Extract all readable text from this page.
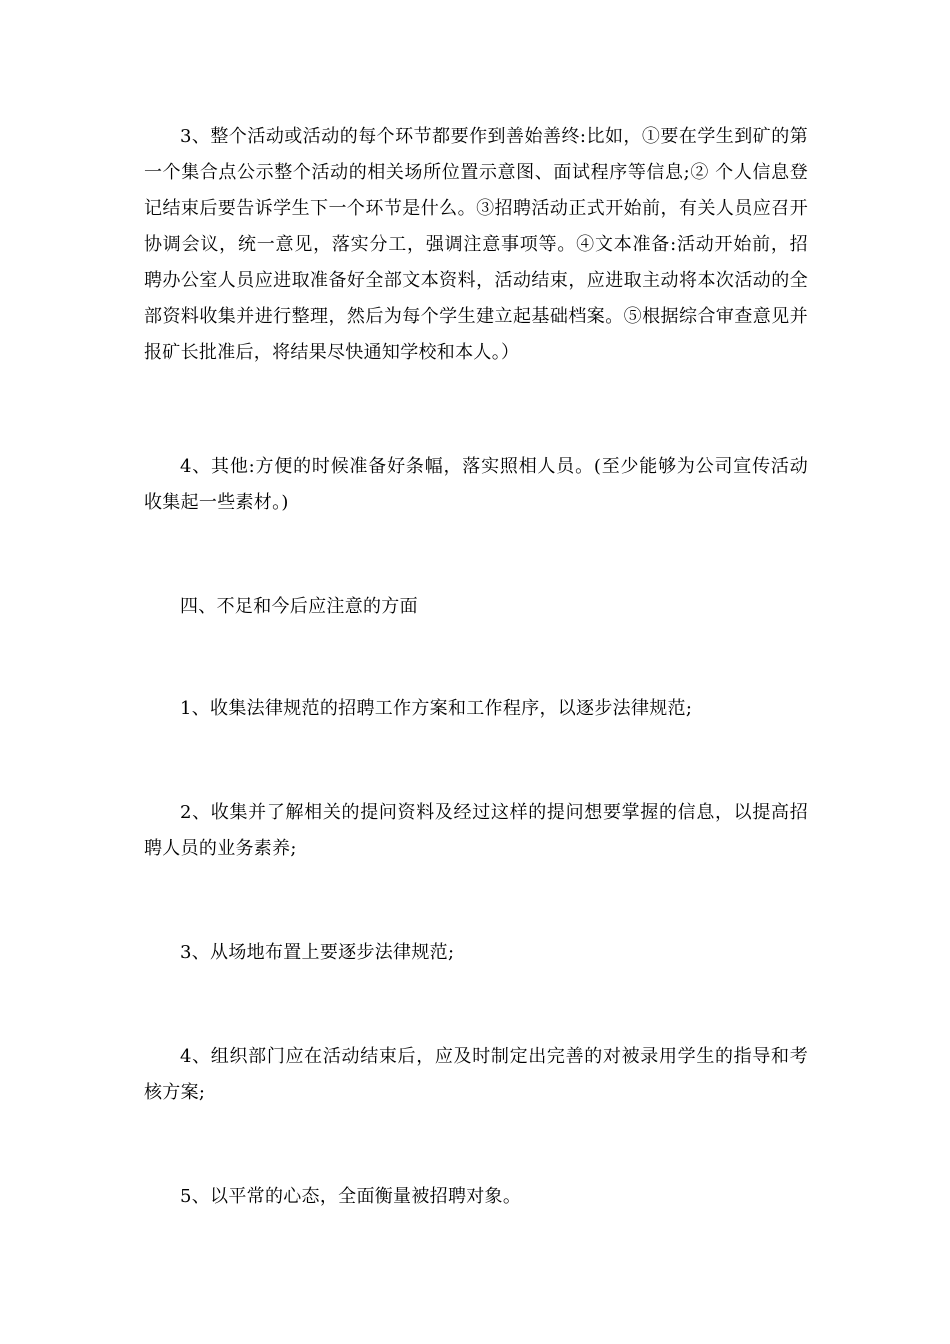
3、整个活动或活动的每个环节都要作到善始善终:比如，①要在学生到矿的第一个集合点公示整个活动的相关场所位置示意图、面试程序等信息;② 个人信息登记结束后要告诉学生下一个环节是什么。③招聘活动正式开始前，有关人员应召开协调会议，统一意见，落实分工，强调注意事项等。④文本准备:活动开始前，招聘办公室人员应进取准备好全部文本资料，活动结束，应进取主动将本次活动的全部资料收集并进行整理，然后为每个学生建立起基础档案。⑤根据综合审查意见并报矿长批准后，将结果尽快通知学校和本人。）

4、其他:方便的时候准备好条幅，落实照相人员。(至少能够为公司宣传活动收集起一些素材。)

四、不足和今后应注意的方面

1、收集法律规范的招聘工作方案和工作程序，以逐步法律规范;

2、收集并了解相关的提问资料及经过这样的提问想要掌握的信息，以提高招聘人员的业务素养;

3、从场地布置上要逐步法律规范;

4、组织部门应在活动结束后，应及时制定出完善的对被录用学生的指导和考核方案;

5、以平常的心态，全面衡量被招聘对象。
